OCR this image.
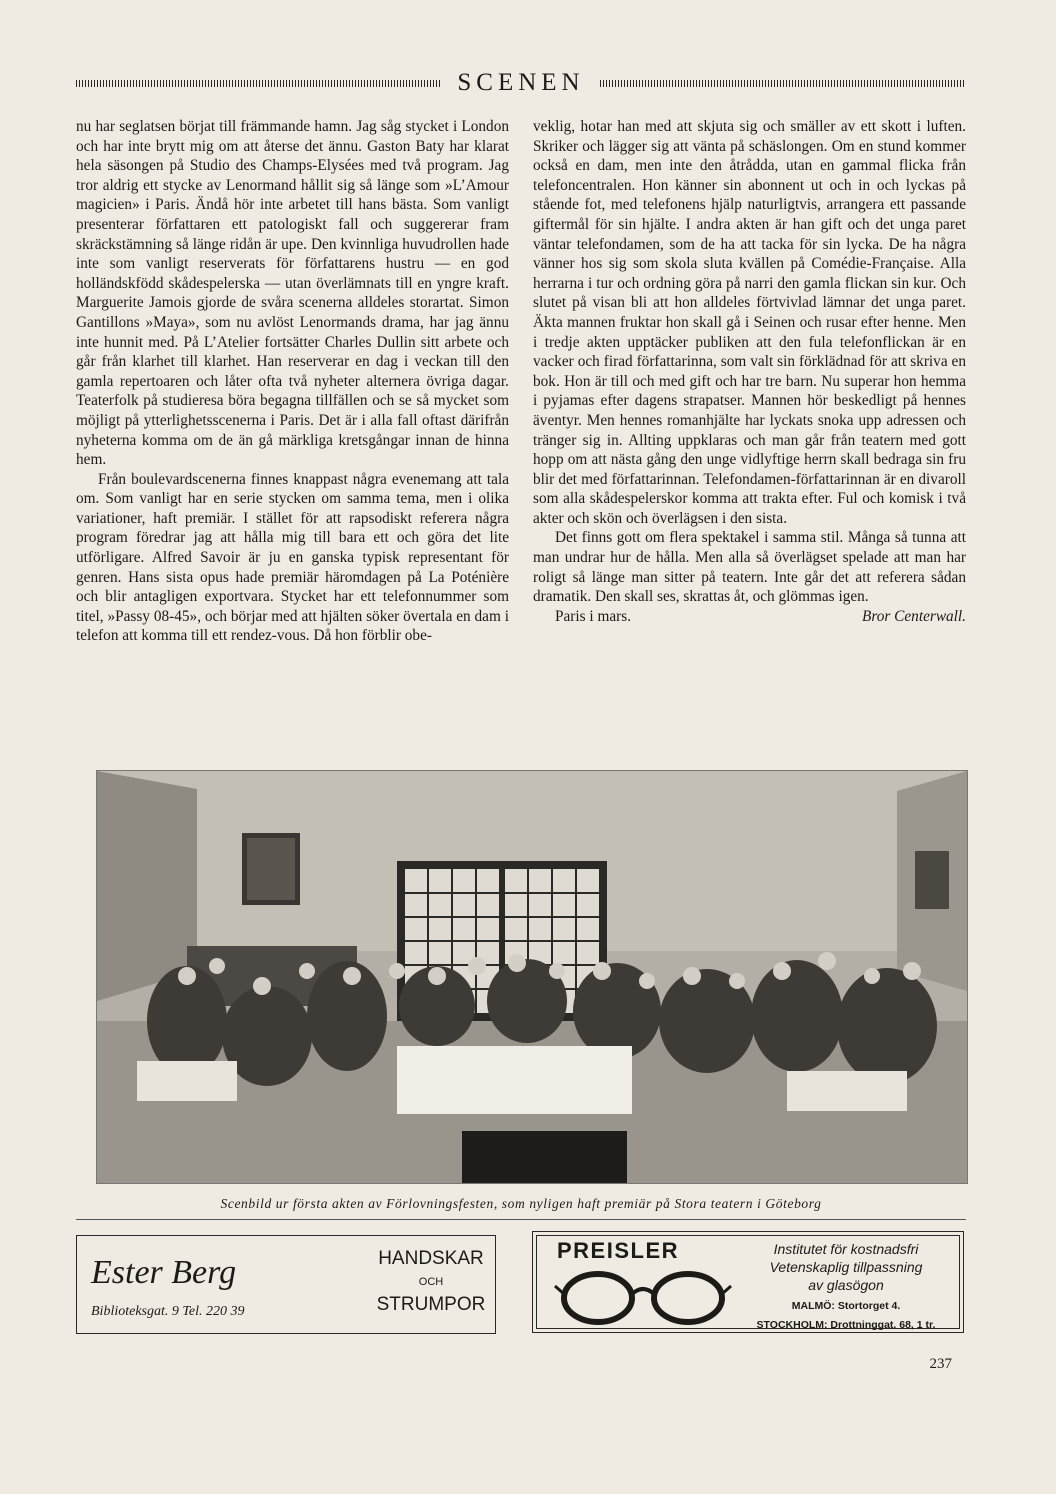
SCENEN

nu har seglatsen börjat till främmande hamn. Jag såg stycket i London och har inte brytt mig om att återse det ännu. Gaston Baty har klarat hela säsongen på Studio des Champs-Elysées med två program. Jag tror aldrig ett stycke av Lenormand hållit sig så länge som »L’Amour magicien» i Paris. Ändå hör inte arbetet till hans bästa. Som vanligt presenterar författaren ett patologiskt fall och suggererar fram skräckstämning så länge ridån är upe. Den kvinnliga huvudrollen hade inte som vanligt reserverats för författarens hustru — en god holländskfödd skådespelerska — utan överlämnats till en yngre kraft. Marguerite Jamois gjorde de svåra scenerna alldeles storartat. Simon Gantillons »Maya», som nu avlöst Lenormands drama, har jag ännu inte hunnit med. På L’Atelier fortsätter Charles Dullin sitt arbete och går från klarhet till klarhet. Han reserverar en dag i veckan till den gamla repertoaren och låter ofta två nyheter alternera övriga dagar. Teaterfolk på studieresa böra begagna tillfällen och se så mycket som möjligt på ytterlighetsscenerna i Paris. Det är i alla fall oftast därifrån nyheterna komma om de än gå märkliga kretsgångar innan de hinna hem.

Från boulevardscenerna finnes knappast några evenemang att tala om. Som vanligt har en serie stycken om samma tema, men i olika variationer, haft premiär. I stället för att rapsodiskt referera några program föredrar jag att hålla mig till bara ett och göra det lite utförligare. Alfred Savoir är ju en ganska typisk representant för genren. Hans sista opus hade premiär häromdagen på La Poténière och blir antagligen exportvara. Stycket har ett telefonnummer som titel, »Passy 08-45», och börjar med att hjälten söker övertala en dam i telefon att komma till ett rendez-vous. Då hon förblir obe-

veklig, hotar han med att skjuta sig och smäller av ett skott i luften. Skriker och lägger sig att vänta på schäslongen. Om en stund kommer också en dam, men inte den åtrådda, utan en gammal flicka från telefoncentralen. Hon känner sin abonnent ut och in och lyckas på stående fot, med telefonens hjälp naturligtvis, arrangera ett passande giftermål för sin hjälte. I andra akten är han gift och det unga paret väntar telefondamen, som de ha att tacka för sin lycka. De ha några vänner hos sig som skola sluta kvällen på Comédie-Française. Alla herrarna i tur och ordning göra på narri den gamla flickan sin kur. Och slutet på visan bli att hon alldeles förtvivlad lämnar det unga paret. Äkta mannen fruktar hon skall gå i Seinen och rusar efter henne. Men i tredje akten upptäcker publiken att den fula telefonflickan är en vacker och firad författarinna, som valt sin förklädnad för att skriva en bok. Hon är till och med gift och har tre barn. Nu superar hon hemma i pyjamas efter dagens strapatser. Mannen hör beskedligt på hennes äventyr. Men hennes romanhjälte har lyckats snoka upp adressen och tränger sig in. Allting uppklaras och man går från teatern med gott hopp om att nästa gång den unge vidlyftige herrn skall bedraga sin fru blir det med författarinnan. Telefondamen-författarinnan är en divaroll som alla skådespelerskor komma att trakta efter. Ful och komisk i två akter och skön och överlägsen i den sista.

Det finns gott om flera spektakel i samma stil. Många så tunna att man undrar hur de hålla. Men alla så överlägset spelade att man har roligt så länge man sitter på teatern. Inte går det att referera sådan dramatik. Den skall ses, skrattas åt, och glömmas igen.

Paris i mars.	Bror Centerwall.
Scenbild ur första akten av Förlovningsfesten, som nyligen haft premiär på Stora teatern i Göteborg
Ester Berg
Biblioteksgat. 9 Tel. 220 39
HANDSKAR
OCH
STRUMPOR
PREISLER	Institutet för kostnadsfri
Vetenskaplig tillpassning
av glasögon
MALMÖ: Stortorget 4.
STOCKHOLM: Drottninggat. 68, 1 tr.
237
